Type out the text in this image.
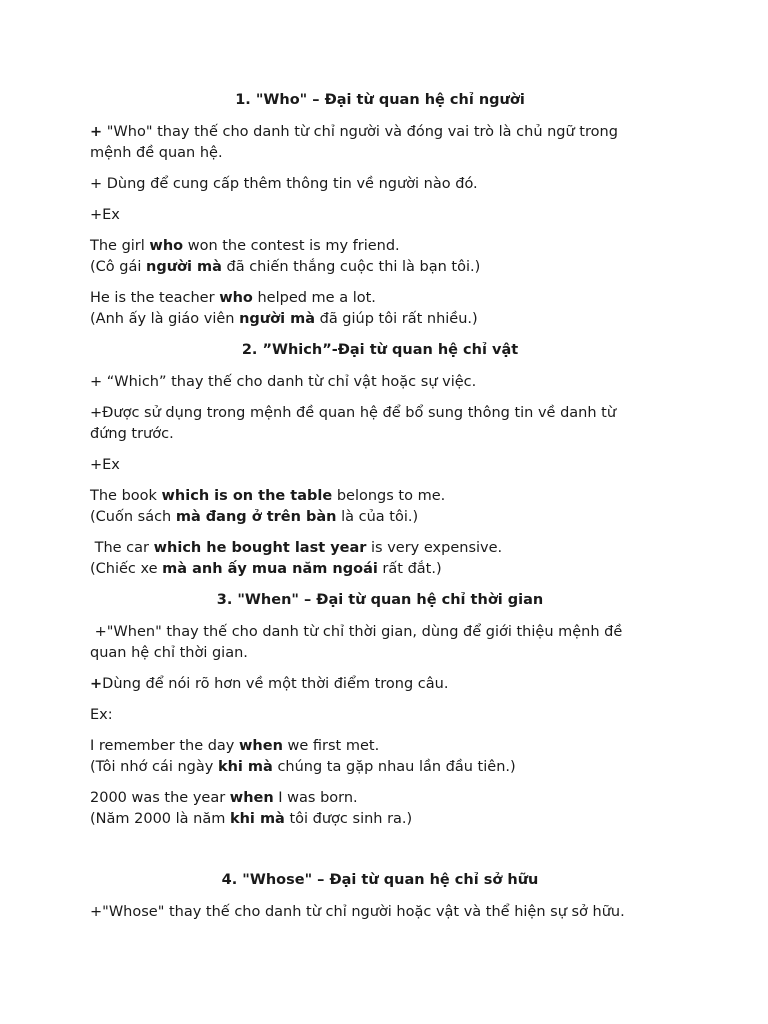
1. "Who" – Đại từ quan hệ chỉ người
+ "Who" thay thế cho danh từ chỉ người và đóng vai trò là chủ ngữ trong
mệnh đề quan hệ.
+ Dùng để cung cấp thêm thông tin về người nào đó.
+Ex
The girl who won the contest is my friend.
(Cô gái người mà đã chiến thắng cuộc thi là bạn tôi.)
He is the teacher who helped me a lot.
(Anh ấy là giáo viên người mà đã giúp tôi rất nhiều.)
2. ”Which”-Đại từ quan hệ chỉ vật
+ “Which” thay thế cho danh từ chỉ vật hoặc sự việc.
+Được sử dụng trong mệnh đề quan hệ để bổ sung thông tin về danh từ
đứng trước.
+Ex
The book which is on the table belongs to me.
(Cuốn sách mà đang ở trên bàn là của tôi.)
The car which he bought last year is very expensive.
(Chiếc xe mà anh ấy mua năm ngoái rất đắt.)
3. "When" – Đại từ quan hệ chỉ thời gian
+"When" thay thế cho danh từ chỉ thời gian, dùng để giới thiệu mệnh đề
quan hệ chỉ thời gian.
+Dùng để nói rõ hơn về một thời điểm trong câu.
Ex:
I remember the day when we first met.
(Tôi nhớ cái ngày khi mà chúng ta gặp nhau lần đầu tiên.)
2000 was the year when I was born.
(Năm 2000 là năm khi mà tôi được sinh ra.)
4. "Whose" – Đại từ quan hệ chỉ sở hữu
+"Whose" thay thế cho danh từ chỉ người hoặc vật và thể hiện sự sở hữu.
